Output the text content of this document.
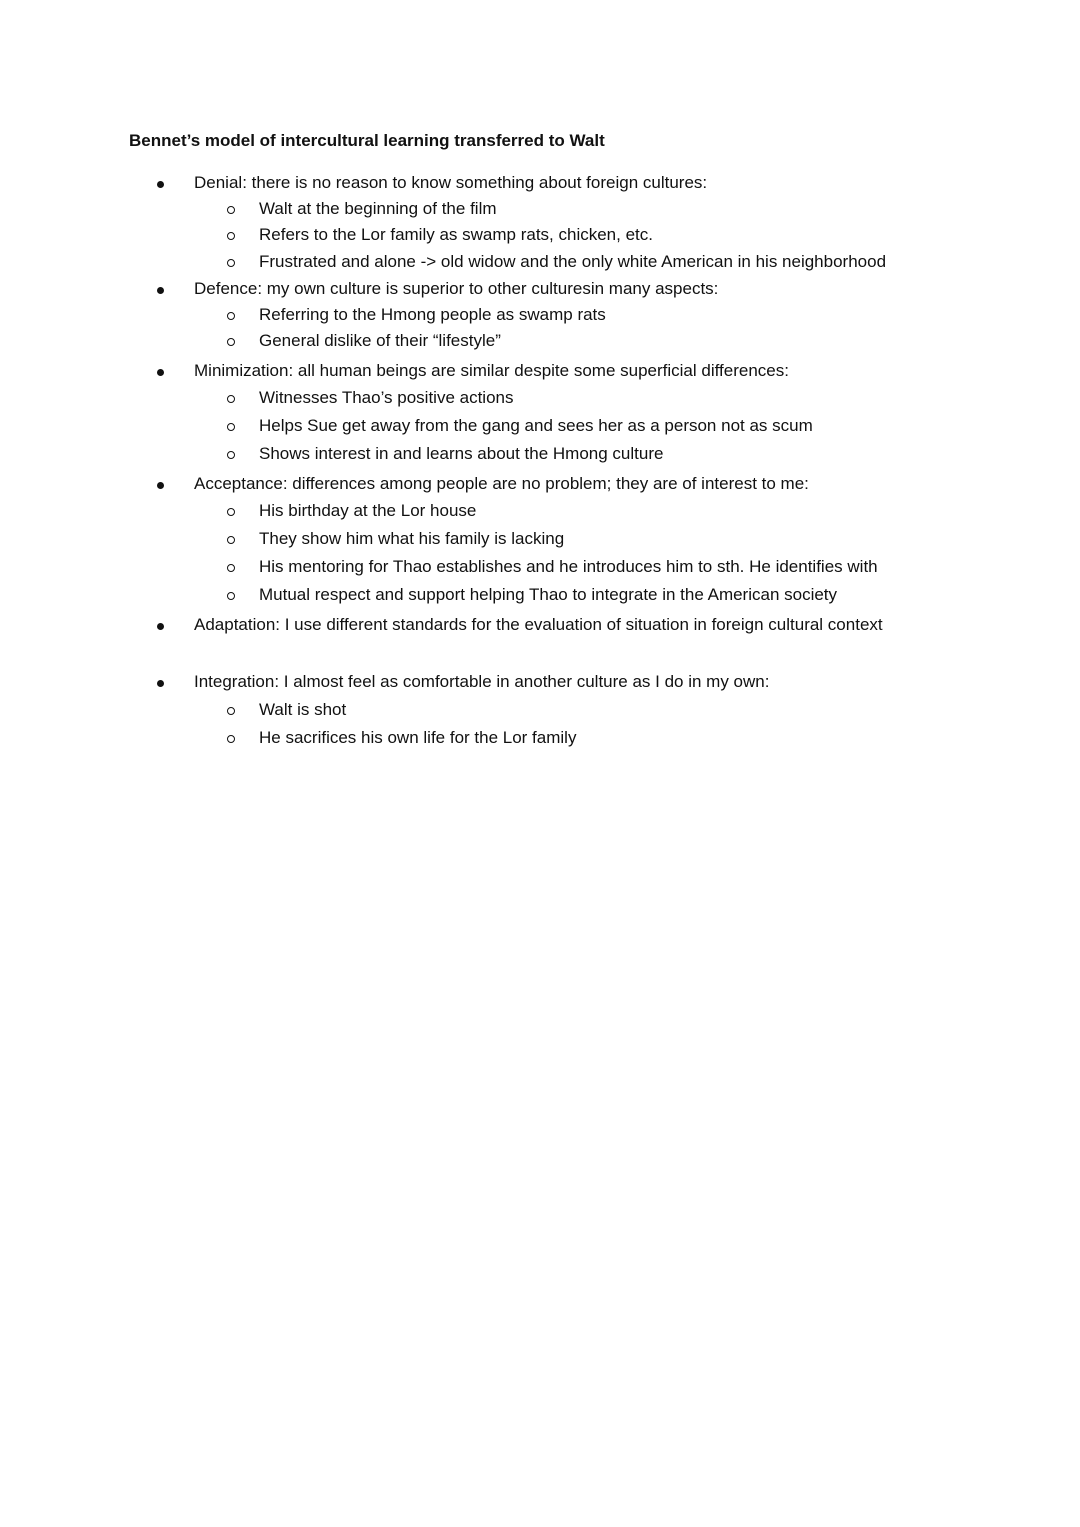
Bennet’s model of intercultural learning transferred to Walt
Denial: there is no reason to know something about foreign cultures:
Walt at the beginning of the film
Refers to the Lor family as swamp rats, chicken, etc.
Frustrated and alone -> old widow and the only white American in his neighborhood
Defence: my own culture is superior to other culturesin many aspects:
Referring to the Hmong people as swamp rats
General dislike of their “lifestyle”
Minimization: all human beings are similar despite some superficial differences:
Witnesses Thao’s positive actions
Helps Sue get away from the gang and sees her as a person not as scum
Shows interest in and learns about the Hmong culture
Acceptance: differences among people are no problem; they are of interest to me:
His birthday at the Lor house
They show him what his family is lacking
His mentoring for Thao establishes and he introduces him to sth. He identifies with
Mutual respect and support helping Thao to integrate in the American society
Adaptation: I use different standards for the evaluation of situation in foreign cultural context
Integration: I almost feel as comfortable in another culture as I do in my own:
Walt is shot
He sacrifices his own life for the Lor family
